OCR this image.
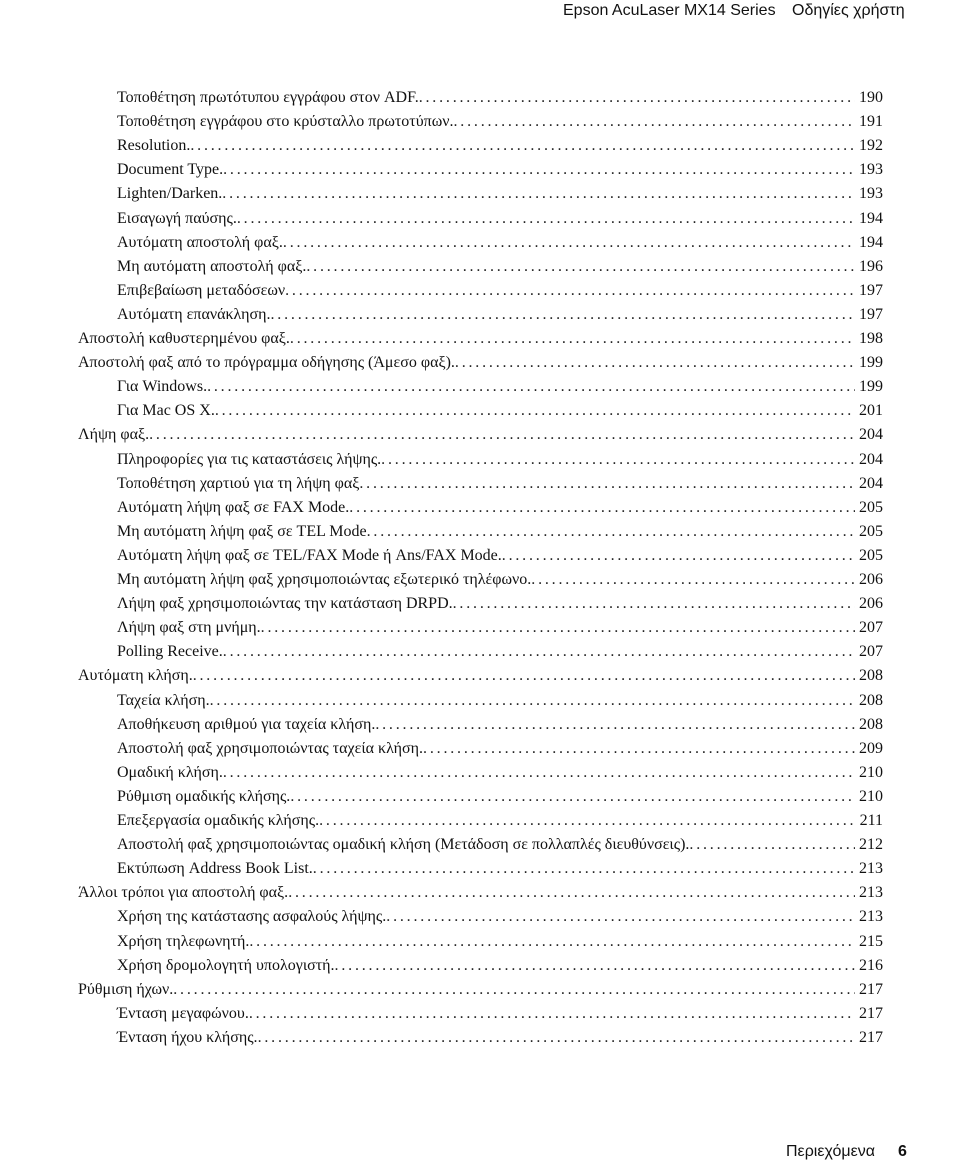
Epson AcuLaser MX14 Series Οδηγίες χρήστη
Τοποθέτηση πρωτότυπου εγγράφου στον ADF. . . .	190
Τοποθέτηση εγγράφου στο κρύσταλλο πρωτοτύπων. . . .	191
Resolution. . . .	192
Document Type. . . .	193
Lighten/Darken. . . .	193
Εισαγωγή παύσης. . . .	194
Αυτόματη αποστολή φαξ. . . .	194
Μη αυτόματη αποστολή φαξ. . . .	196
Επιβεβαίωση μεταδόσεων . . .	197
Αυτόματη επανάκληση. . . .	197
Αποστολή καθυστερημένου φαξ. . . .	198
Αποστολή φαξ από το πρόγραμμα οδήγησης (Άμεσο φαξ). . . .	199
Για Windows. . . .	199
Για Mac OS X. . . .	201
Λήψη φαξ. . . .	204
Πληροφορίες για τις καταστάσεις λήψης. . . .	204
Τοποθέτηση χαρτιού για τη λήψη φαξ . . .	204
Αυτόματη λήψη φαξ σε FAX Mode. . . .	205
Μη αυτόματη λήψη φαξ σε TEL Mode . . .	205
Αυτόματη λήψη φαξ σε TEL/FAX Mode ή Ans/FAX Mode. . . .	205
Μη αυτόματη λήψη φαξ χρησιμοποιώντας εξωτερικό τηλέφωνο. . . .	206
Λήψη φαξ χρησιμοποιώντας την κατάσταση DRPD. . . .	206
Λήψη φαξ στη μνήμη. . . .	207
Polling Receive. . . .	207
Αυτόματη κλήση. . . .	208
Ταχεία κλήση. . . .	208
Αποθήκευση αριθμού για ταχεία κλήση. . . .	208
Αποστολή φαξ χρησιμοποιώντας ταχεία κλήση. . . .	209
Ομαδική κλήση. . . .	210
Ρύθμιση ομαδικής κλήσης. . . .	210
Επεξεργασία ομαδικής κλήσης. . . .	211
Αποστολή φαξ χρησιμοποιώντας ομαδική κλήση (Μετάδοση σε πολλαπλές διευθύνσεις). . . .	212
Εκτύπωση Address Book List. . . .	213
Άλλοι τρόποι για αποστολή φαξ. . . .	213
Χρήση της κατάστασης ασφαλούς λήψης. . . .	213
Χρήση τηλεφωνητή. . . .	215
Χρήση δρομολογητή υπολογιστή. . . .	216
Ρύθμιση ήχων. . . .	217
Ένταση μεγαφώνου. . . .	217
Ένταση ήχου κλήσης. . . .	217
Περιεχόμενα 6
